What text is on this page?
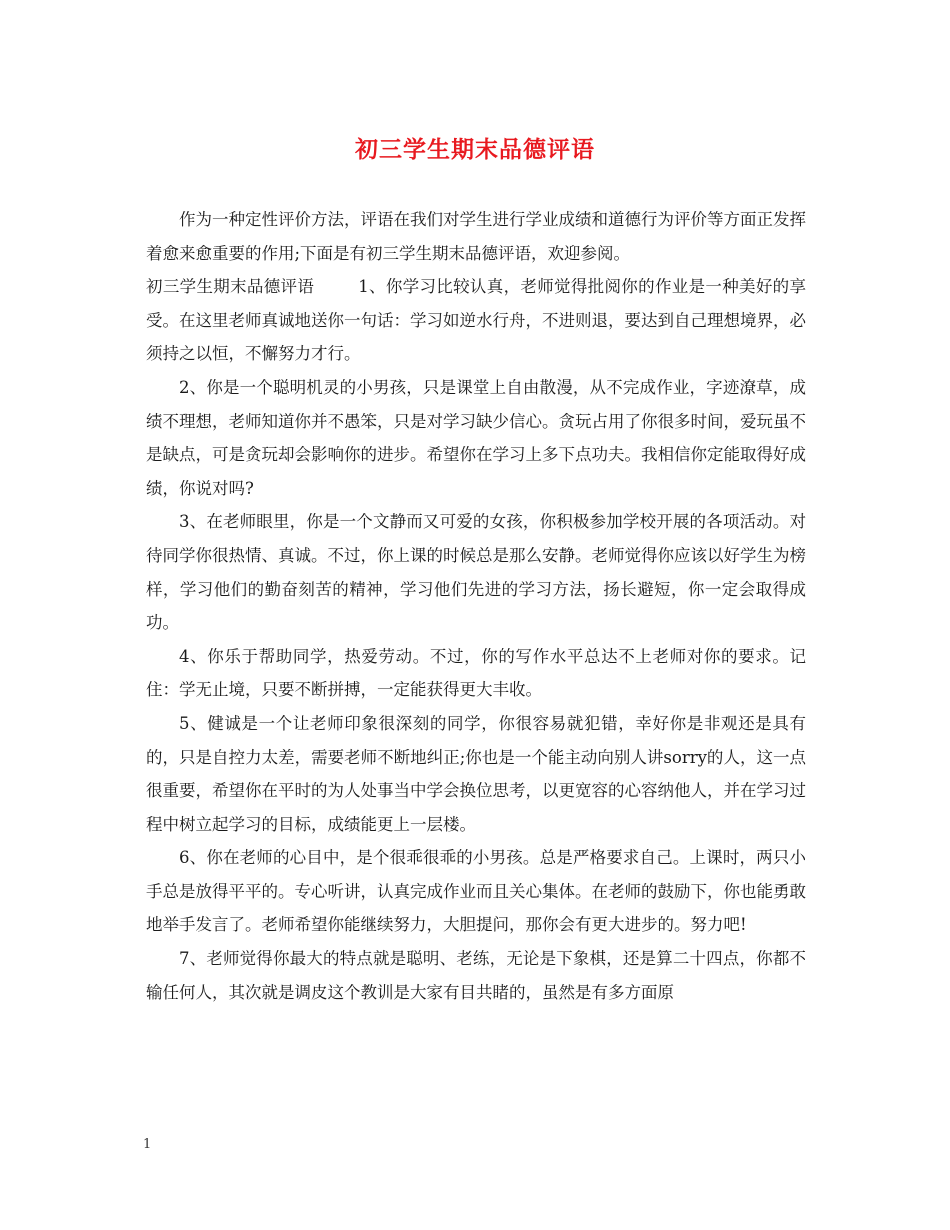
初三学生期末品德评语

作为一种定性评价方法，评语在我们对学生进行学业成绩和道德行为评价等方面正发挥着愈来愈重要的作用;下面是有初三学生期末品德评语，欢迎参阅。

初三学生期末品德评语	1、你学习比较认真，老师觉得批阅你的作业是一种美好的享受。在这里老师真诚地送你一句话：学习如逆水行舟，不进则退，要达到自己理想境界，必须持之以恒，不懈努力才行。

2、你是一个聪明机灵的小男孩，只是课堂上自由散漫，从不完成作业，字迹潦草，成绩不理想，老师知道你并不愚笨，只是对学习缺少信心。贪玩占用了你很多时间，爱玩虽不是缺点，可是贪玩却会影响你的进步。希望你在学习上多下点功夫。我相信你定能取得好成绩，你说对吗?

3、在老师眼里，你是一个文静而又可爱的女孩，你积极参加学校开展的各项活动。对待同学你很热情、真诚。不过，你上课的时候总是那么安静。老师觉得你应该以好学生为榜样，学习他们的勤奋刻苦的精神，学习他们先进的学习方法，扬长避短，你一定会取得成功。

4、你乐于帮助同学，热爱劳动。不过，你的写作水平总达不上老师对你的要求。记住：学无止境，只要不断拼搏，一定能获得更大丰收。

5、健诚是一个让老师印象很深刻的同学，你很容易就犯错，幸好你是非观还是具有的，只是自控力太差，需要老师不断地纠正;你也是一个能主动向别人讲sorry的人，这一点很重要，希望你在平时的为人处事当中学会换位思考，以更宽容的心容纳他人，并在学习过程中树立起学习的目标，成绩能更上一层楼。

6、你在老师的心目中，是个很乖很乖的小男孩。总是严格要求自己。上课时，两只小手总是放得平平的。专心听讲，认真完成作业而且关心集体。在老师的鼓励下，你也能勇敢地举手发言了。老师希望你能继续努力，大胆提问，那你会有更大进步的。努力吧!

7、老师觉得你最大的特点就是聪明、老练，无论是下象棋，还是算二十四点，你都不输任何人，其次就是调皮这个教训是大家有目共睹的，虽然是有多方面原

1
